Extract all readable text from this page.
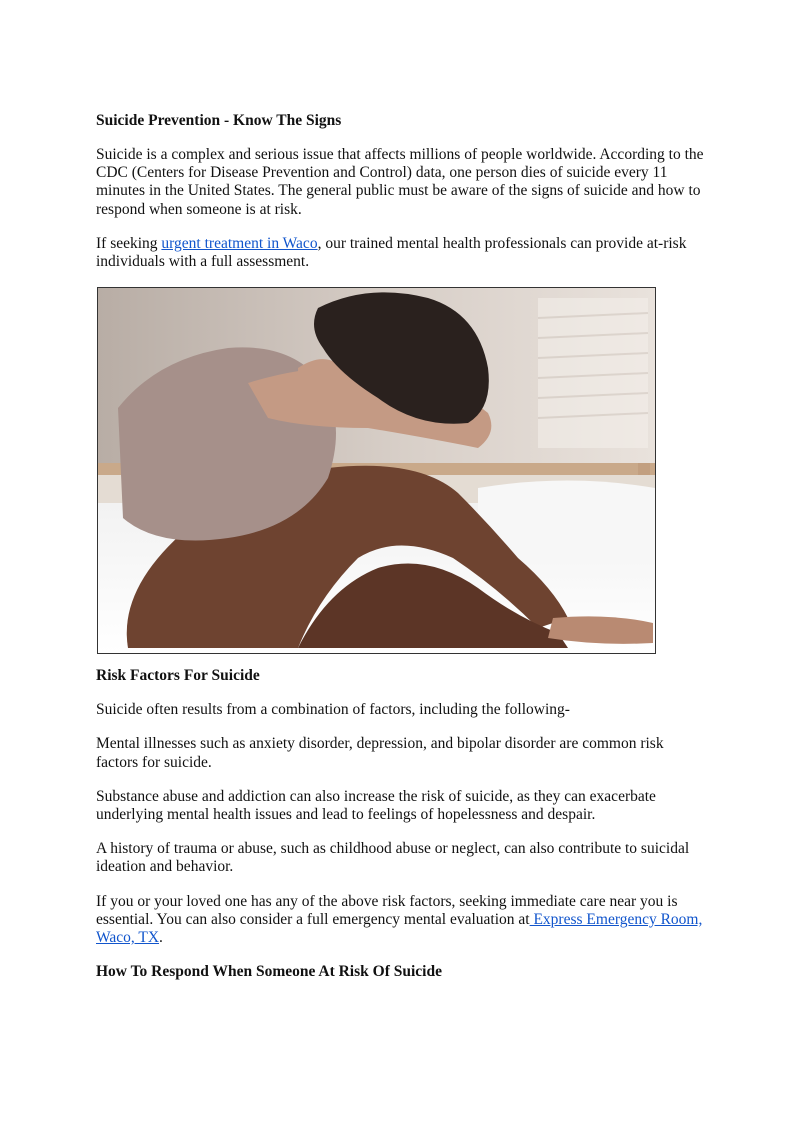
Suicide Prevention - Know The Signs

Suicide is a complex and serious issue that affects millions of people worldwide. According to the CDC (Centers for Disease Prevention and Control) data, one person dies of suicide every 11 minutes in the United States. The general public must be aware of the signs of suicide and how to respond when someone is at risk.

If seeking urgent treatment in Waco, our trained mental health professionals can provide at-risk individuals with a full assessment.

Risk Factors For Suicide

Suicide often results from a combination of factors, including the following-

Mental illnesses such as anxiety disorder, depression, and bipolar disorder are common risk factors for suicide.

Substance abuse and addiction can also increase the risk of suicide, as they can exacerbate underlying mental health issues and lead to feelings of hopelessness and despair.

A history of trauma or abuse, such as childhood abuse or neglect, can also contribute to suicidal ideation and behavior.

If you or your loved one has any of the above risk factors, seeking immediate care near you is essential. You can also consider a full emergency mental evaluation at Express Emergency Room, Waco, TX.

How To Respond When Someone At Risk Of Suicide
